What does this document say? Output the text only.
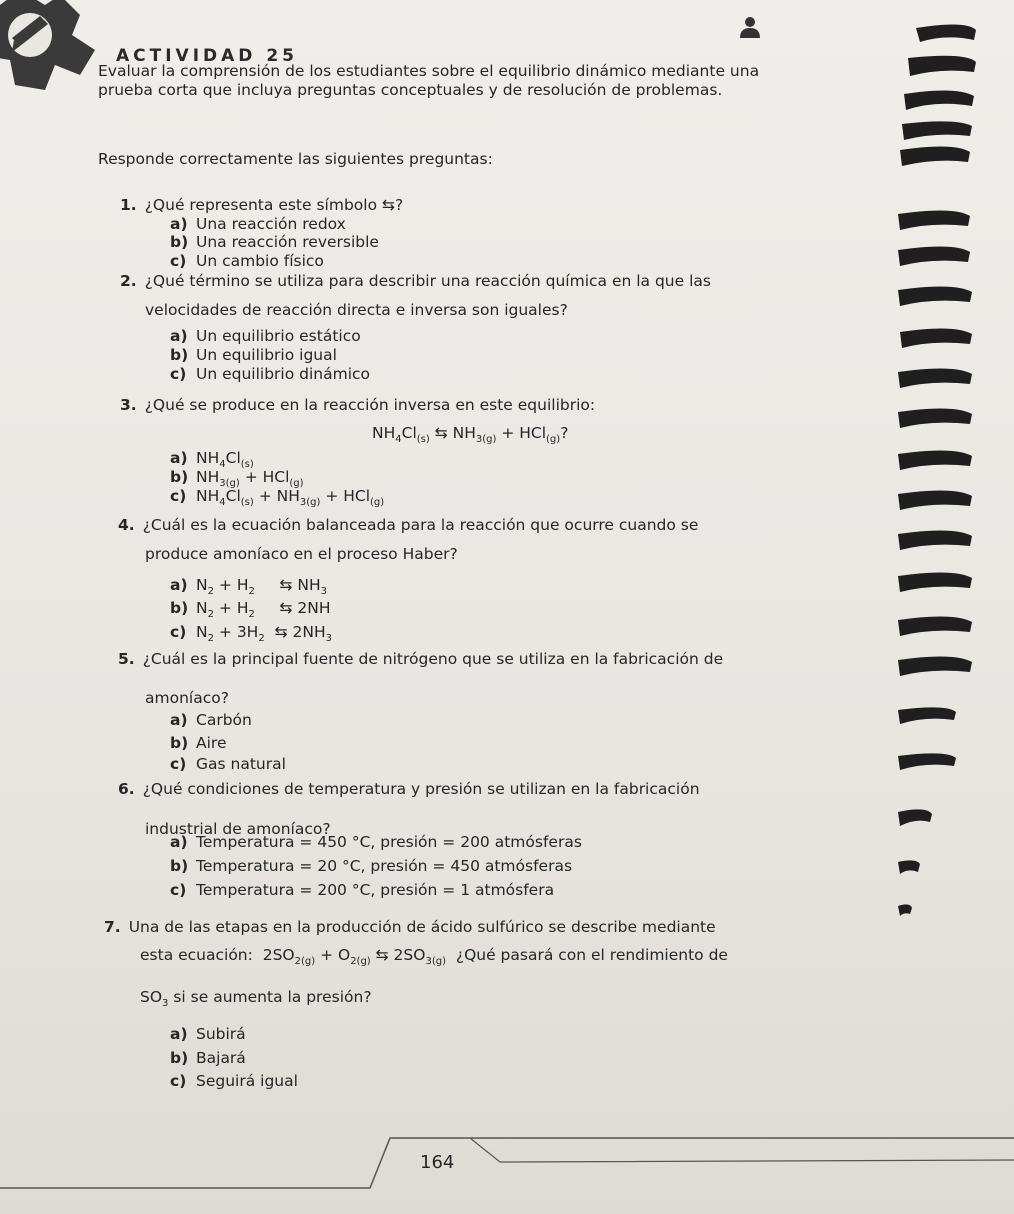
ACTIVIDAD 25
Evaluar la comprensión de los estudiantes sobre el equilibrio dinámico mediante una prueba corta que incluya preguntas conceptuales y de resolución de problemas.
Responde correctamente las siguientes preguntas:
1. ¿Qué representa este símbolo ⇆?
a) Una reacción redox
b) Una reacción reversible
c) Un cambio físico
2. ¿Qué término se utiliza para describir una reacción química en la que las
velocidades de reacción directa e inversa son iguales?
a) Un equilibrio estático
b) Un equilibrio igual
c) Un equilibrio dinámico
3. ¿Qué se produce en la reacción inversa en este equilibrio:
$NH_4Cl_{(s)}$ ⇆ $NH_{3(g)} + HCl_{(g)}$?
a) $NH_4Cl_{(s)}$
b) $NH_{3(g)} + HCl_{(g)}$
c) $NH_4Cl_{(s)} + NH_{3(g)} + HCl_{(g)}$
4. ¿Cuál es la ecuación balanceada para la reacción que ocurre cuando se
produce amoníaco en el proceso Haber?
a) $N_2 + H_2$     ⇆ $NH_3$
b) $N_2 + H_2$     ⇆ 2NH
c) $N_2 + 3H_2$  ⇆ $2NH_3$
5. ¿Cuál es la principal fuente de nitrógeno que se utiliza en la fabricación de
amoníaco?
a) Carbón
b) Aire
c) Gas natural
6. ¿Qué condiciones de temperatura y presión se utilizan en la fabricación
industrial de amoníaco?
a) Temperatura = 450 °C, presión = 200 atmósferas
b) Temperatura = 20 °C, presión = 450 atmósferas
c) Temperatura = 200 °C, presión = 1 atmósfera
7. Una de las etapas en la producción de ácido sulfúrico se describe mediante
esta ecuación:  $2SO_{2(g)} + O_{2(g)}$ ⇆ $2SO_{3(g)}$ ¿Qué pasará con el rendimiento de
$SO_3$ si se aumenta la presión?
a) Subirá
b) Bajará
c) Seguirá igual
164
